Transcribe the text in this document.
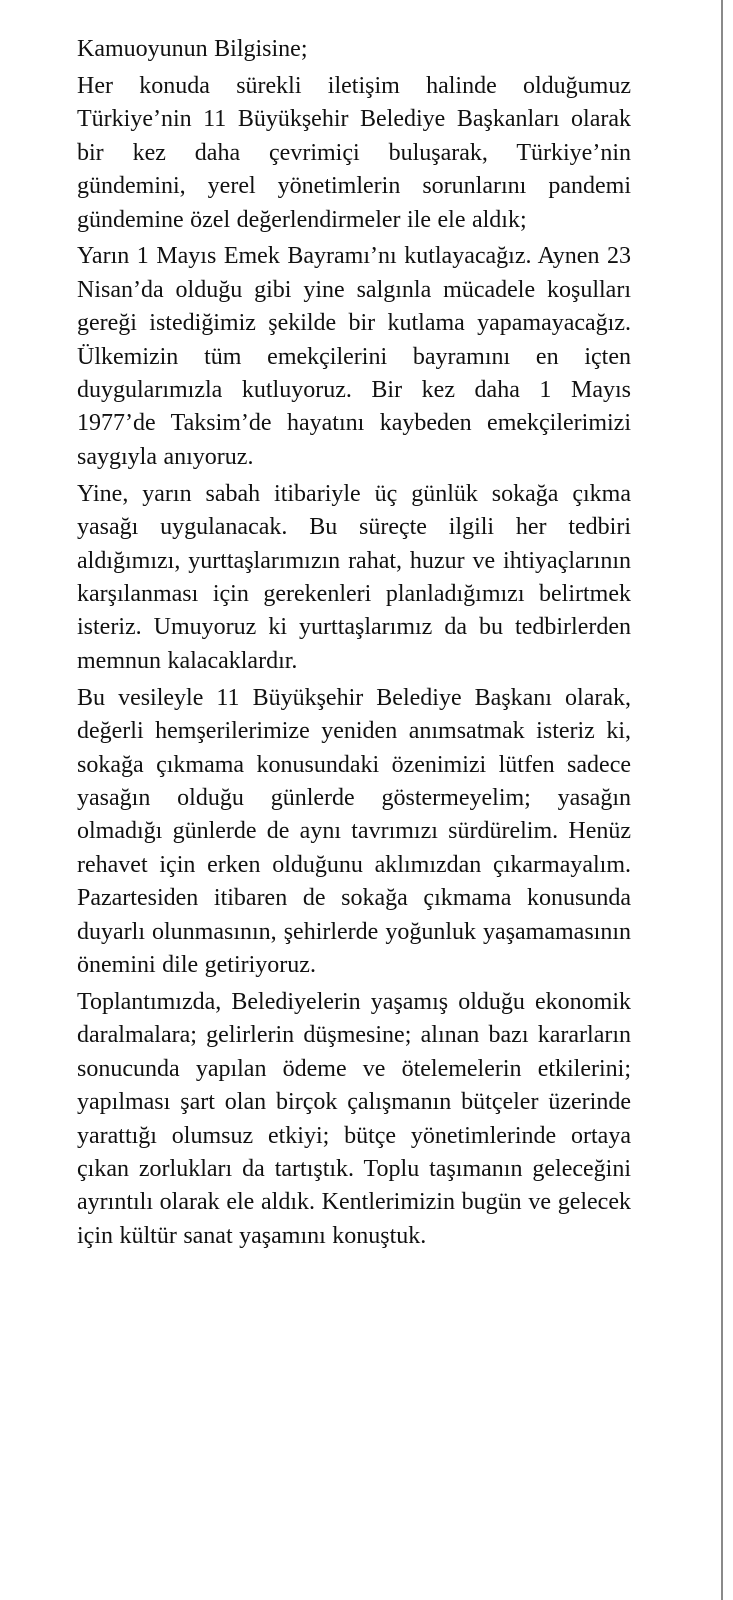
Kamuoyunun Bilgisine;

Her konuda sürekli iletişim halinde olduğumuz Türkiye’nin 11 Büyükşehir Belediye Başkanları olarak bir kez daha çevrimiçi buluşarak, Türkiye’nin gündemini, yerel yönetimlerin sorunlarını pandemi gündemine özel değerlendirmeler ile ele aldık;

Yarın 1 Mayıs Emek Bayramı’nı kutlayacağız. Aynen 23 Nisan’da olduğu gibi yine salgınla mücadele koşulları gereği istediğimiz şekilde bir kutlama yapamayacağız. Ülkemizin tüm emekçilerini bayramını en içten duygularımızla kutluyoruz. Bir kez daha 1 Mayıs 1977’de Taksim’de hayatını kaybeden emekçilerimizi saygıyla anıyoruz.

Yine, yarın sabah itibariyle üç günlük sokağa çıkma yasağı uygulanacak. Bu süreçte ilgili her tedbiri aldığımızı, yurttaşlarımızın rahat, huzur ve ihtiyaçlarının karşılanması için gerekenleri planladığımızı belirtmek isteriz. Umuyoruz ki yurttaşlarımız da bu tedbirlerden memnun kalacaklardır.

Bu vesileyle 11 Büyükşehir Belediye Başkanı olarak, değerli hemşerilerimize yeniden anımsatmak isteriz ki, sokağa çıkmama konusundaki özenimizi lütfen sadece yasağın olduğu günlerde göstermeyelim; yasağın olmadığı günlerde de aynı tavrımızı sürdürelim. Henüz rehavet için erken olduğunu aklımızdan çıkarmayalım. Pazartesiden itibaren de sokağa çıkmama konusunda duyarlı olunmasının, şehirlerde yoğunluk yaşamamasının önemini dile getiriyoruz.

Toplantımızda, Belediyelerin yaşamış olduğu ekonomik daralmalara; gelirlerin düşmesine; alınan bazı kararların sonucunda yapılan ödeme ve ötelemelerin etkilerini; yapılması şart olan birçok çalışmanın bütçeler üzerinde yarattığı olumsuz etkiyi; bütçe yönetimlerinde ortaya çıkan zorlukları da tartıştık. Toplu taşımanın geleceğini ayrıntılı olarak ele aldık. Kentlerimizin bugün ve gelecek için kültür sanat yaşamını konuştuk.
